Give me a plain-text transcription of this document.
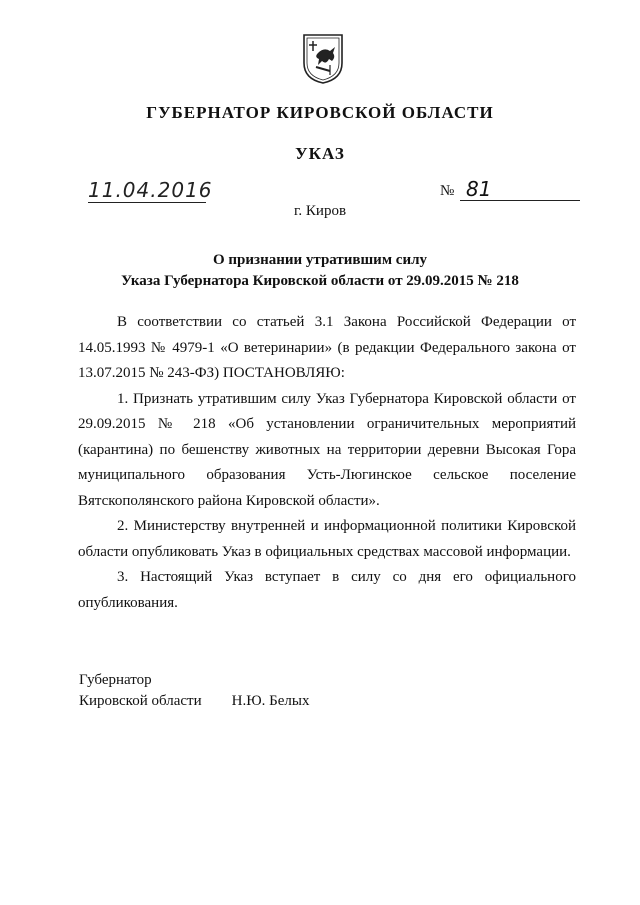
ГУБЕРНАТОР КИРОВСКОЙ ОБЛАСТИ
УКАЗ
11.04.2016	№ 81
г. Киров
О признании утратившим силу
Указа Губернатора Кировской области от 29.09.2015 № 218

В соответствии со статьей 3.1 Закона Российской Федерации от 14.05.1993 № 4979-1 «О ветеринарии» (в редакции Федерального закона от 13.07.2015 № 243-ФЗ) ПОСТАНОВЛЯЮ:

1. Признать утратившим силу Указ Губернатора Кировской области от 29.09.2015 № 218 «Об установлении ограничительных мероприятий (карантина) по бешенству животных на территории деревни Высокая Гора муниципального образования Усть-Люгинское сельское поселение Вятскополянского района Кировской области».

2. Министерству внутренней и информационной политики Кировской области опубликовать Указ в официальных средствах массовой информации.

3. Настоящий Указ вступает в силу со дня его официального опубликования.

Губернатор
Кировской области Н.Ю. Белых
